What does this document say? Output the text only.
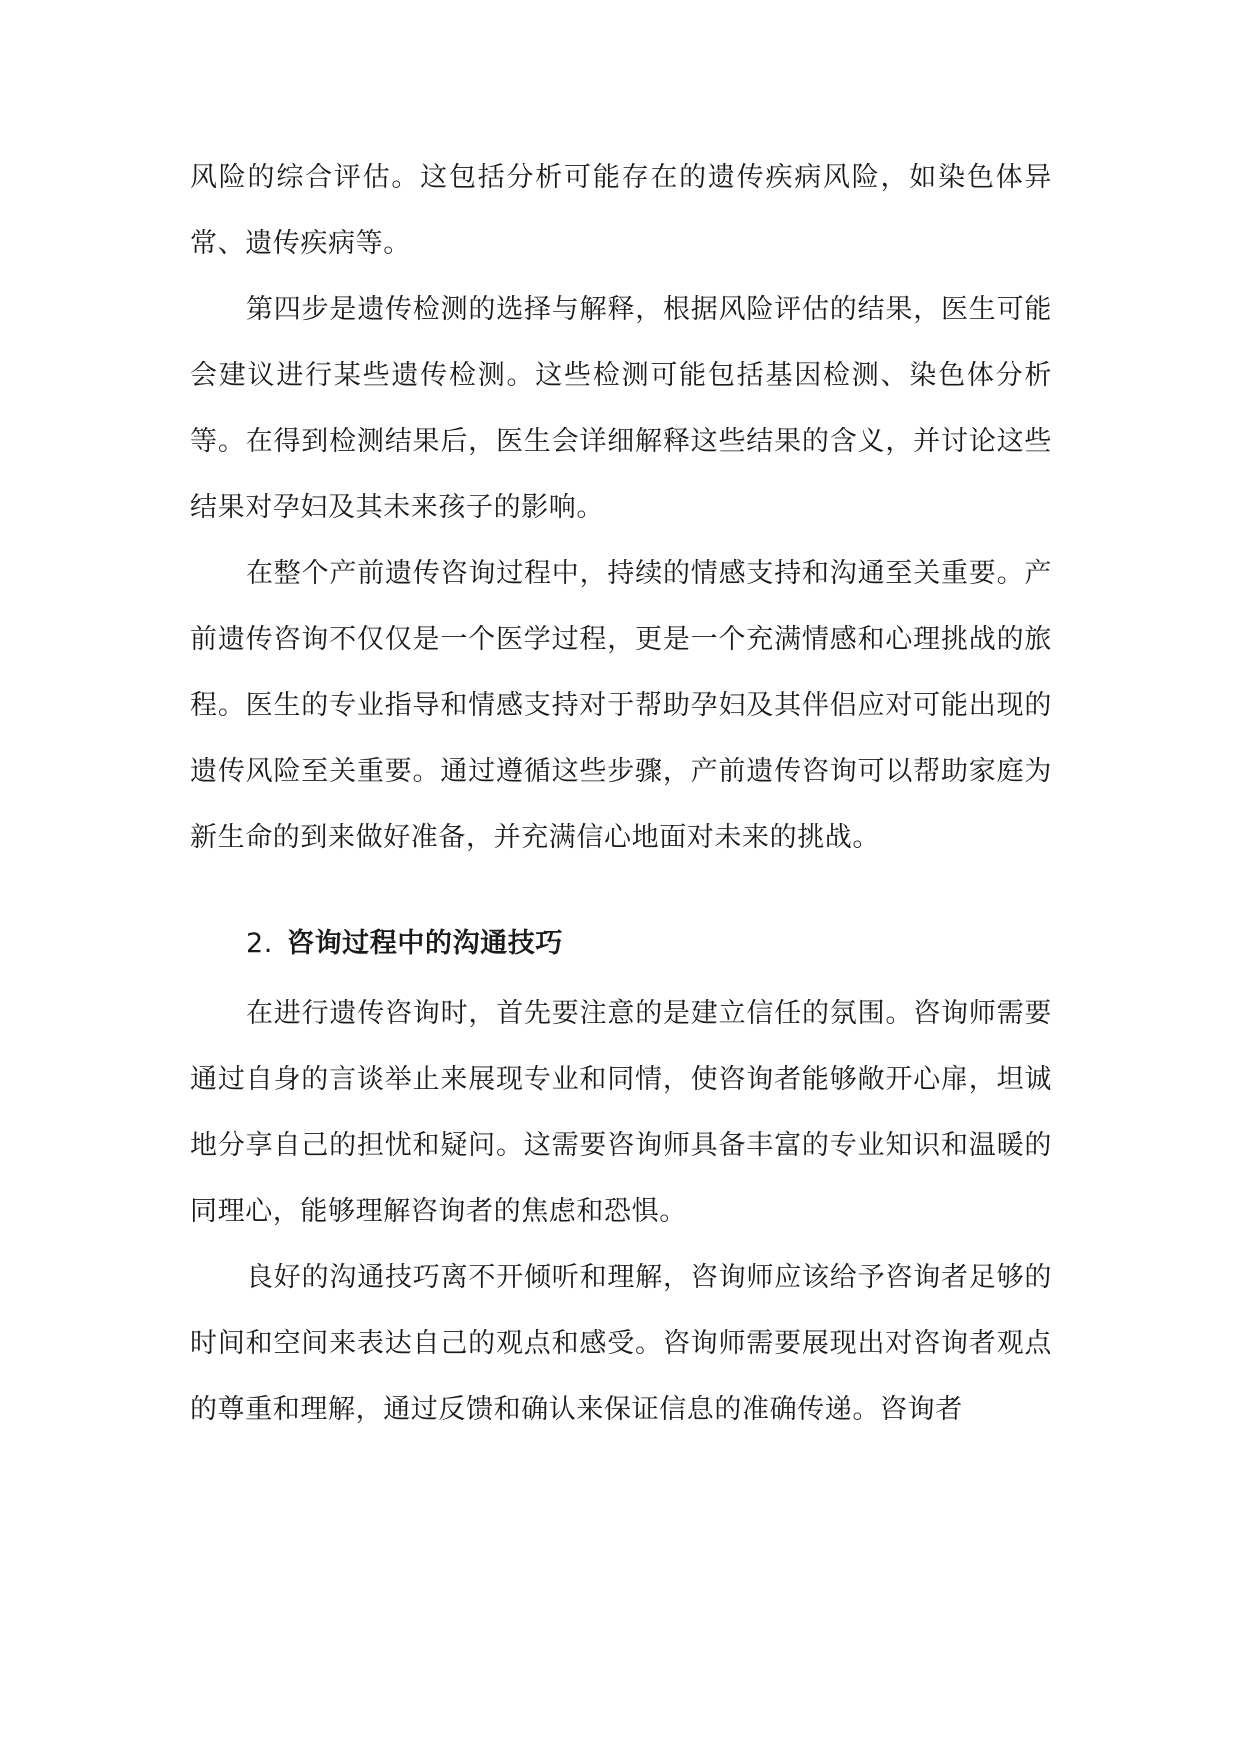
风险的综合评估。这包括分析可能存在的遗传疾病风险，如染色体异常、遗传疾病等。

第四步是遗传检测的选择与解释，根据风险评估的结果，医生可能会建议进行某些遗传检测。这些检测可能包括基因检测、染色体分析等。在得到检测结果后，医生会详细解释这些结果的含义，并讨论这些结果对孕妇及其未来孩子的影响。

在整个产前遗传咨询过程中，持续的情感支持和沟通至关重要。产前遗传咨询不仅仅是一个医学过程，更是一个充满情感和心理挑战的旅程。医生的专业指导和情感支持对于帮助孕妇及其伴侣应对可能出现的遗传风险至关重要。通过遵循这些步骤，产前遗传咨询可以帮助家庭为新生命的到来做好准备，并充满信心地面对未来的挑战。

2. 咨询过程中的沟通技巧

在进行遗传咨询时，首先要注意的是建立信任的氛围。咨询师需要通过自身的言谈举止来展现专业和同情，使咨询者能够敞开心扉，坦诚地分享自己的担忧和疑问。这需要咨询师具备丰富的专业知识和温暖的同理心，能够理解咨询者的焦虑和恐惧。

良好的沟通技巧离不开倾听和理解，咨询师应该给予咨询者足够的时间和空间来表达自己的观点和感受。咨询师需要展现出对咨询者观点的尊重和理解，通过反馈和确认来保证信息的准确传递。咨询者
